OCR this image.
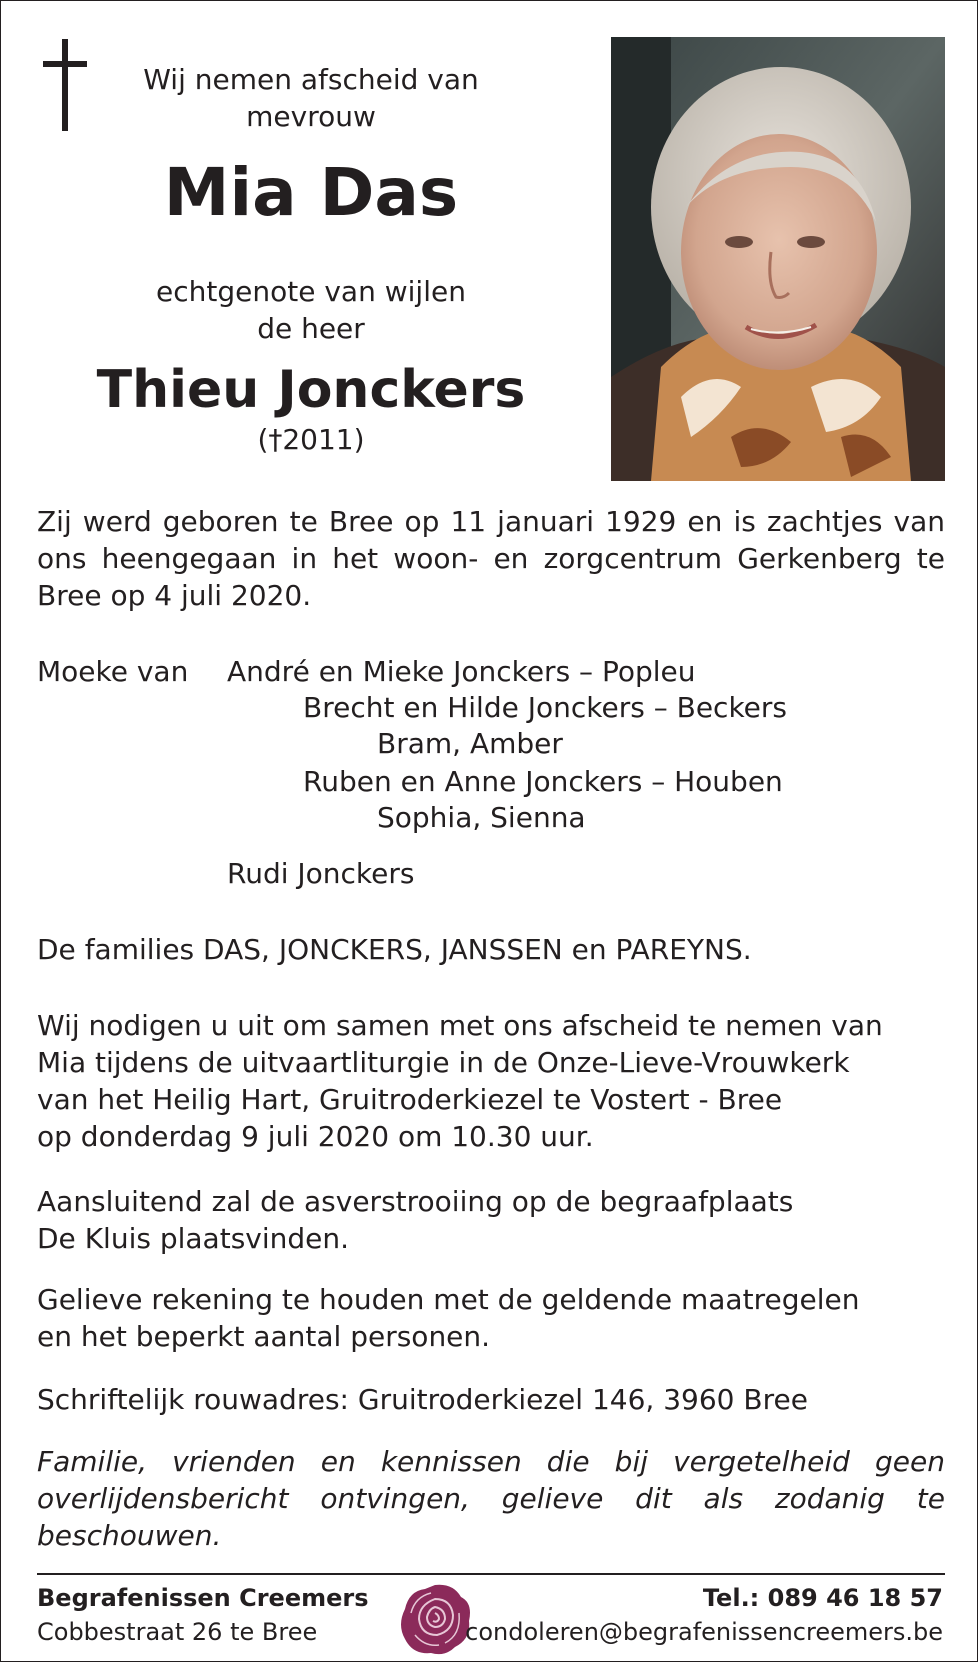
Wij nemen afscheid van
mevrouw
Mia Das
echtgenote van wijlen
de heer
Thieu Jonckers
(†2011)
Zij werd geboren te Bree op 11 januari 1929 en is zachtjes van ons heengegaan in het woon- en zorgcentrum Gerkenberg te Bree op 4 juli 2020.
Moeke van André en Mieke Jonckers – Popleu
Brecht en Hilde Jonckers – Beckers
Bram, Amber
Ruben en Anne Jonckers – Houben
Sophia, Sienna
Rudi Jonckers
De families DAS, JONCKERS, JANSSEN en PAREYNS.
Wij nodigen u uit om samen met ons afscheid te nemen van
Mia tijdens de uitvaartliturgie in de Onze-Lieve-Vrouwkerk
van het Heilig Hart, Gruitroderkiezel te Vostert - Bree
op donderdag 9 juli 2020 om 10.30 uur.
Aansluitend zal de asverstrooiing op de begraafplaats
De Kluis plaatsvinden.
Gelieve rekening te houden met de geldende maatregelen
en het beperkt aantal personen.
Schriftelijk rouwadres: Gruitroderkiezel 146, 3960 Bree
Familie, vrienden en kennissen die bij vergetelheid geen overlijdensbericht ontvingen, gelieve dit als zodanig te beschouwen.
Begrafenissen Creemers
Cobbestraat 26 te Bree
Tel.: 089 46 18 57
condoleren@begrafenissencreemers.be
